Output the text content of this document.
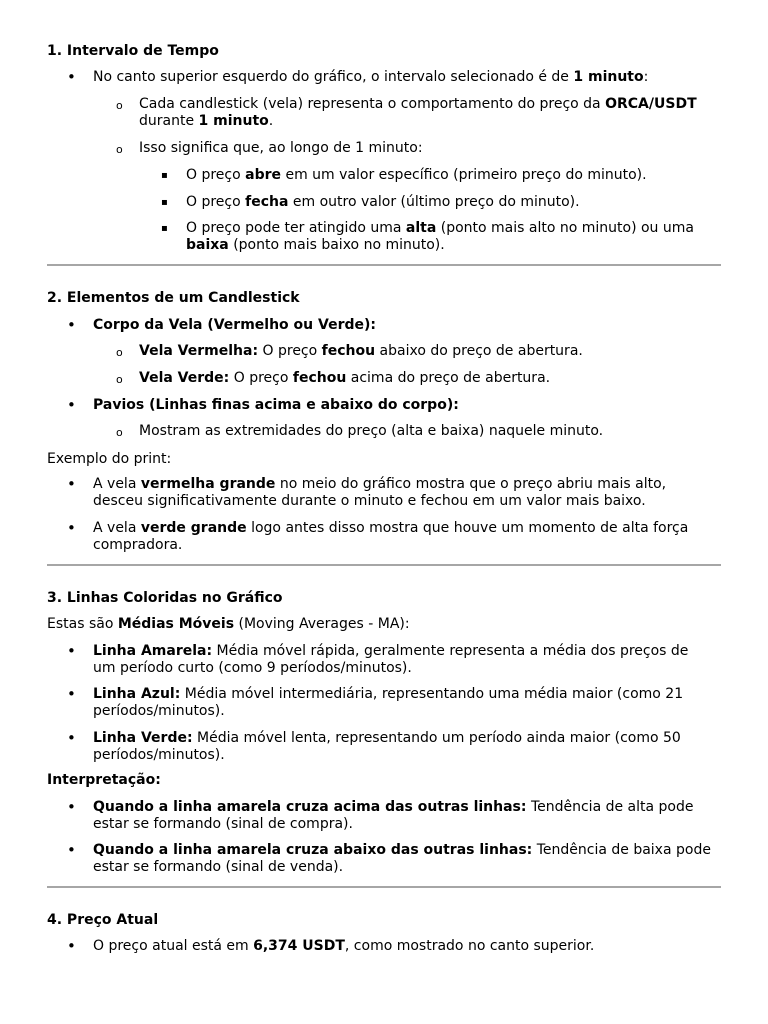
1. Intervalo de Tempo
• No canto superior esquerdo do gráfico, o intervalo selecionado é de 1 minuto:
o Cada candlestick (vela) representa o comportamento do preço da ORCA/USDT
durante 1 minuto.
o Isso significa que, ao longo de 1 minuto:
▪ O preço abre em um valor específico (primeiro preço do minuto).
▪ O preço fecha em outro valor (último preço do minuto).
▪ O preço pode ter atingido uma alta (ponto mais alto no minuto) ou uma
baixa (ponto mais baixo no minuto).
2. Elementos de um Candlestick
• Corpo da Vela (Vermelho ou Verde):
o Vela Vermelha: O preço fechou abaixo do preço de abertura.
o Vela Verde: O preço fechou acima do preço de abertura.
• Pavios (Linhas finas acima e abaixo do corpo):
o Mostram as extremidades do preço (alta e baixa) naquele minuto.
Exemplo do print:
• A vela vermelha grande no meio do gráfico mostra que o preço abriu mais alto,
desceu significativamente durante o minuto e fechou em um valor mais baixo.
• A vela verde grande logo antes disso mostra que houve um momento de alta força
compradora.
3. Linhas Coloridas no Gráfico
Estas são Médias Móveis (Moving Averages - MA):
• Linha Amarela: Média móvel rápida, geralmente representa a média dos preços de
um período curto (como 9 períodos/minutos).
• Linha Azul: Média móvel intermediária, representando uma média maior (como 21
períodos/minutos).
• Linha Verde: Média móvel lenta, representando um período ainda maior (como 50
períodos/minutos).
Interpretação:
• Quando a linha amarela cruza acima das outras linhas: Tendência de alta pode
estar se formando (sinal de compra).
• Quando a linha amarela cruza abaixo das outras linhas: Tendência de baixa pode
estar se formando (sinal de venda).
4. Preço Atual
• O preço atual está em 6,374 USDT, como mostrado no canto superior.
